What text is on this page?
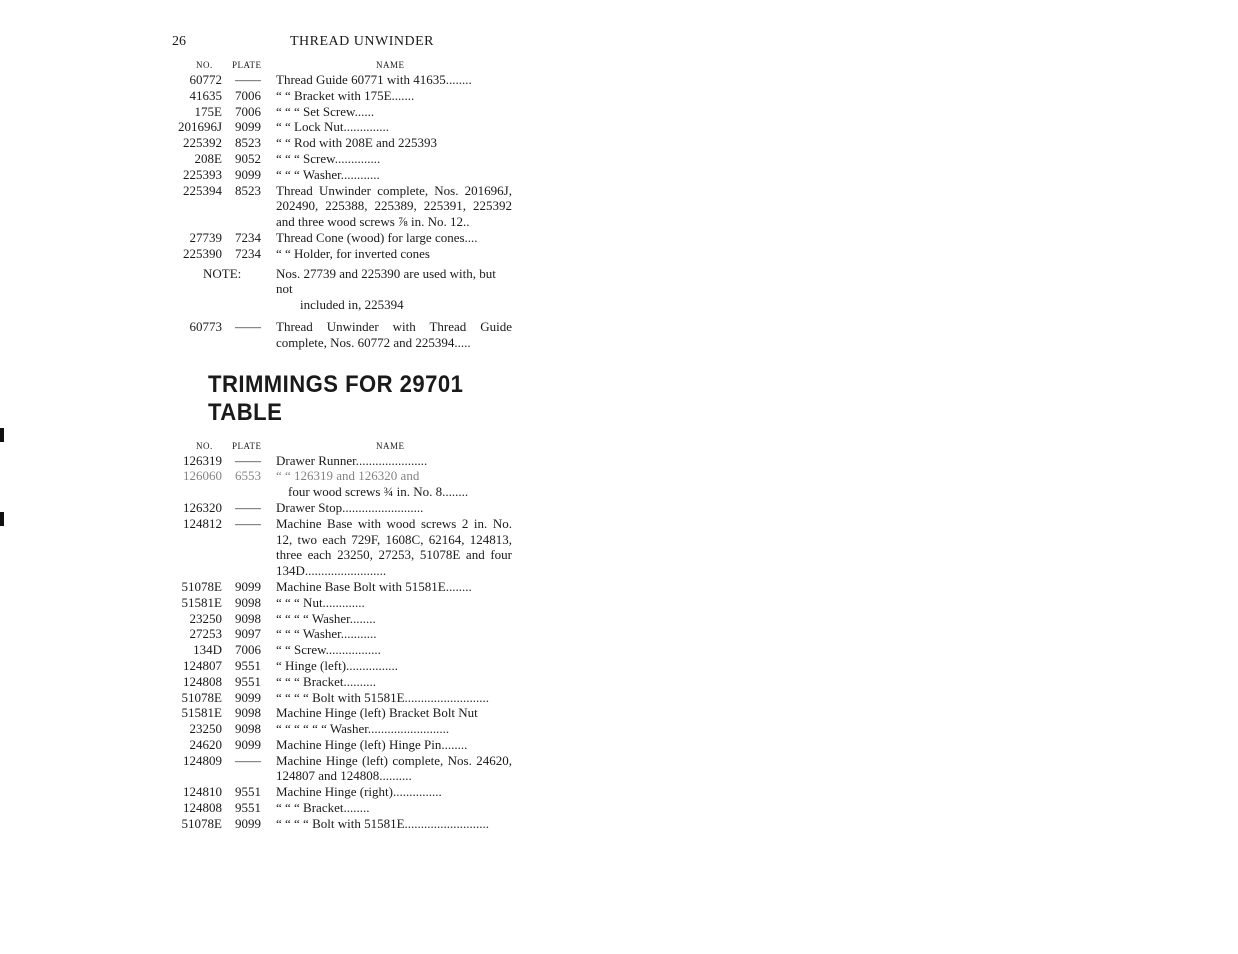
26	THREAD UNWINDER
NO. PLATE	NAME
60772	——	Thread Guide 60771 with 41635........
41635	7006	“ “ Bracket with 175E.......
175E	7006	“ “ “ Set Screw......
201696J	9099	“ “ Lock Nut..............
225392	8523	“ “ Rod with 208E and 225393
208E	9052	“ “ “ Screw..............
225393	9099	“ “ “ Washer............
225394	8523	Thread Unwinder complete, Nos. 201696J, 202490, 225388, 225389, 225391, 225392 and three wood screws ⅞ in. No. 12..
27739	7234	Thread Cone (wood) for large cones....
225390	7234	“ “ Holder, for inverted cones
NOTE:	Nos. 27739 and 225390 are used with, but not
included in, 225394
60773	——	Thread Unwinder with Thread Guide complete, Nos. 60772 and 225394.....
TRIMMINGS FOR 29701 TABLE
NO. PLATE	NAME
126319	——	Drawer Runner......................
126060	6553	“ “ 126319 and 126320 and
four wood screws ¾ in. No. 8........
126320	——	Drawer Stop.........................
124812	——	Machine Base with wood screws 2 in. No. 12, two each 729F, 1608C, 62164, 124813, three each 23250, 27253, 51078E and four 134D.........................
51078E	9099	Machine Base Bolt with 51581E........
51581E	9098	“ “ “ Nut.............
23250	9098	“ “ “ “ Washer........
27253	9097	“ “ “ Washer...........
134D	7006	“ “ Screw.................
124807	9551	“ Hinge (left)................
124808	9551	“ “ “ Bracket..........
51078E	9099	“ “ “ “ Bolt with 51581E..........................
51581E	9098	Machine Hinge (left) Bracket Bolt Nut
23250	9098	“ “ “ “ “ “ Washer.........................
24620	9099	Machine Hinge (left) Hinge Pin........
124809	——	Machine Hinge (left) complete, Nos. 24620, 124807 and 124808..........
124810	9551	Machine Hinge (right)...............
124808	9551	“ “ “ Bracket........
51078E	9099	“ “ “ “ Bolt with 51581E..........................
